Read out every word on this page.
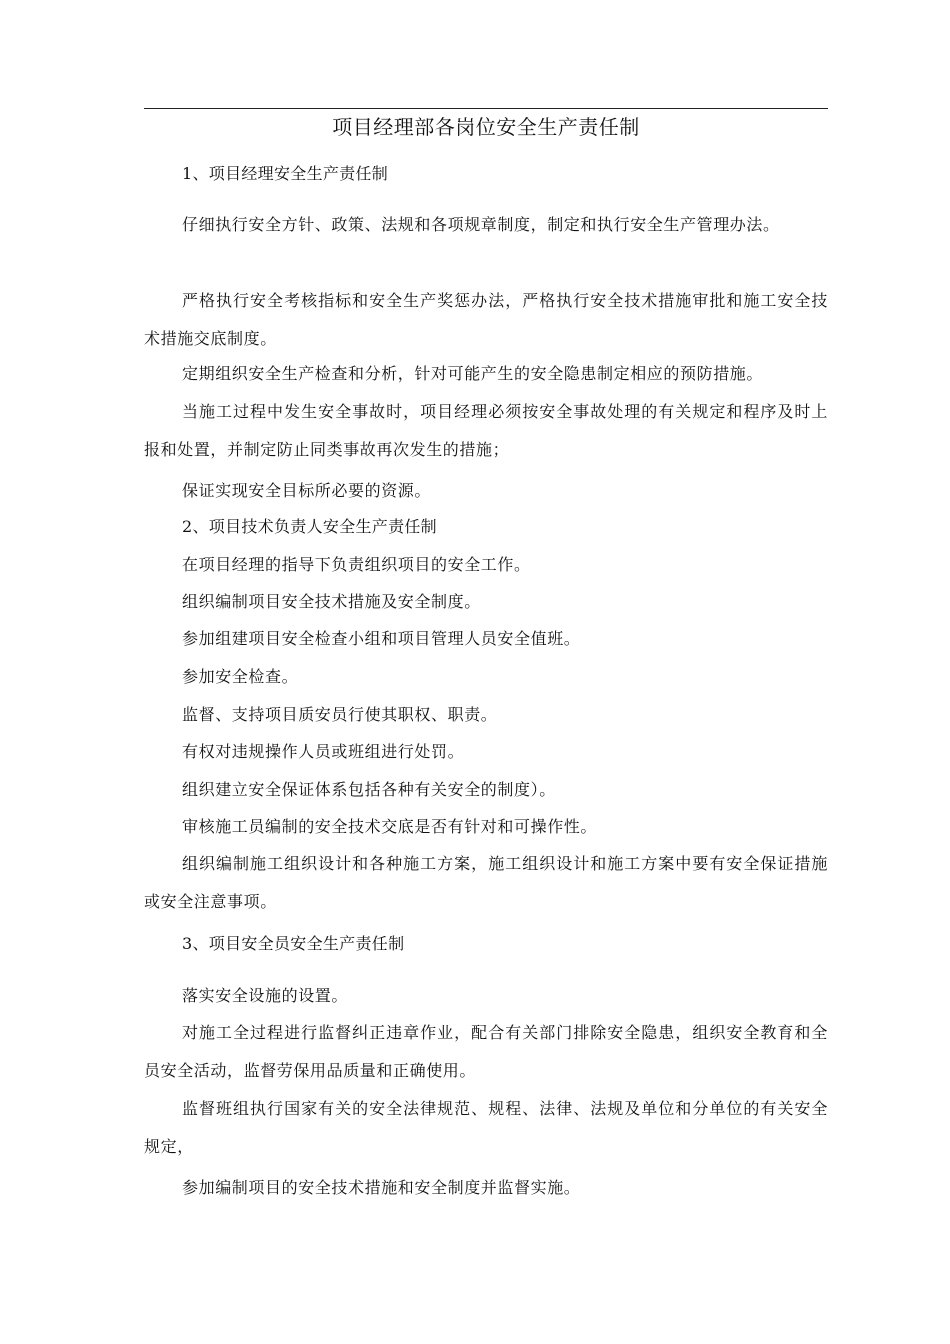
项目经理部各岗位安全生产责任制

1、项目经理安全生产责任制

仔细执行安全方针、政策、法规和各项规章制度，制定和执行安全生产管理办法。

严格执行安全考核指标和安全生产奖惩办法，严格执行安全技术措施审批和施工安全技术措施交底制度。

定期组织安全生产检查和分析，针对可能产生的安全隐患制定相应的预防措施。

当施工过程中发生安全事故时，项目经理必须按安全事故处理的有关规定和程序及时上报和处置，并制定防止同类事故再次发生的措施；

保证实现安全目标所必要的资源。

2、项目技术负责人安全生产责任制

在项目经理的指导下负责组织项目的安全工作。

组织编制项目安全技术措施及安全制度。

参加组建项目安全检查小组和项目管理人员安全值班。

参加安全检查。

监督、支持项目质安员行使其职权、职责。

有权对违规操作人员或班组进行处罚。

组织建立安全保证体系包括各种有关安全的制度）。

审核施工员编制的安全技术交底是否有针对和可操作性。

组织编制施工组织设计和各种施工方案，施工组织设计和施工方案中要有安全保证措施或安全注意事项。

3、项目安全员安全生产责任制

落实安全设施的设置。

对施工全过程进行监督纠正违章作业，配合有关部门排除安全隐患，组织安全教育和全员安全活动，监督劳保用品质量和正确使用。

监督班组执行国家有关的安全法律规范、规程、法律、法规及单位和分单位的有关安全规定，

参加编制项目的安全技术措施和安全制度并监督实施。
